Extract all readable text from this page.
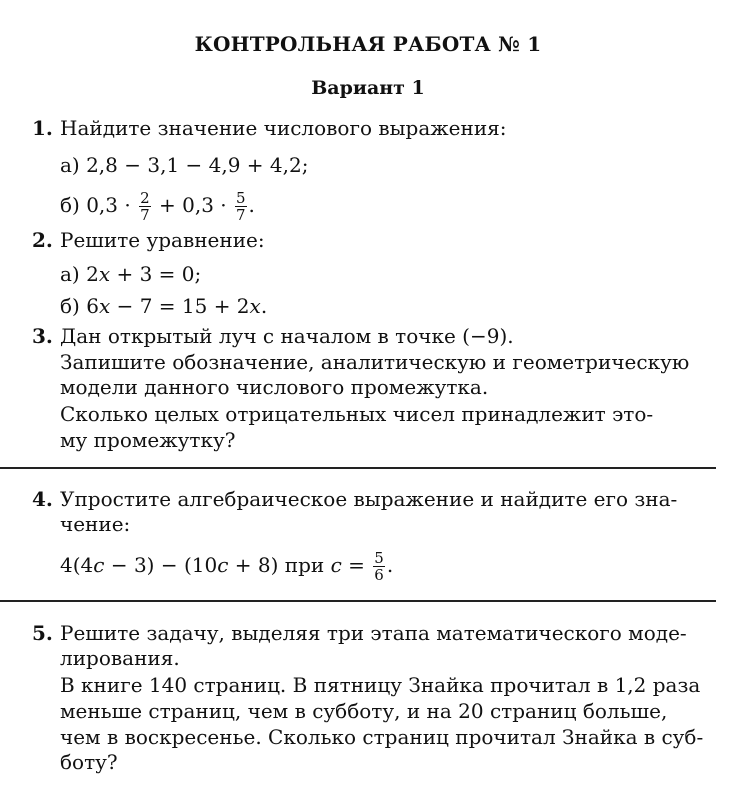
КОНТРОЛЬНАЯ РАБОТА № 1
Вариант 1
1. Найдите значение числового выражения:
а) 2,8 − 3,1 − 4,9 + 4,2;
б) $0,3 \cdot \frac{2}{7} + 0,3 \cdot \frac{5}{7}$ .
2. Решите уравнение:
а) 2x + 3 = 0;
б) 6x − 7 = 15 + 2x.
3. Дан открытый луч с началом в точке (−9).
Запишите обозначение, аналитическую и геометрическую
модели данного числового промежутка.
Сколько целых отрицательных чисел принадлежит это-
му промежутку?
4. Упростите алгебраическое выражение и найдите его зна-
чение:
4(4c − 3) − (10c + 8) при $c = \frac{5}{6}$ .
5. Решите задачу, выделяя три этапа математического моде-
лирования.
В книге 140 страниц. В пятницу Знайка прочитал в 1,2 раза
меньше страниц, чем в субботу, и на 20 страниц больше,
чем в воскресенье. Сколько страниц прочитал Знайка в суб-
боту?
